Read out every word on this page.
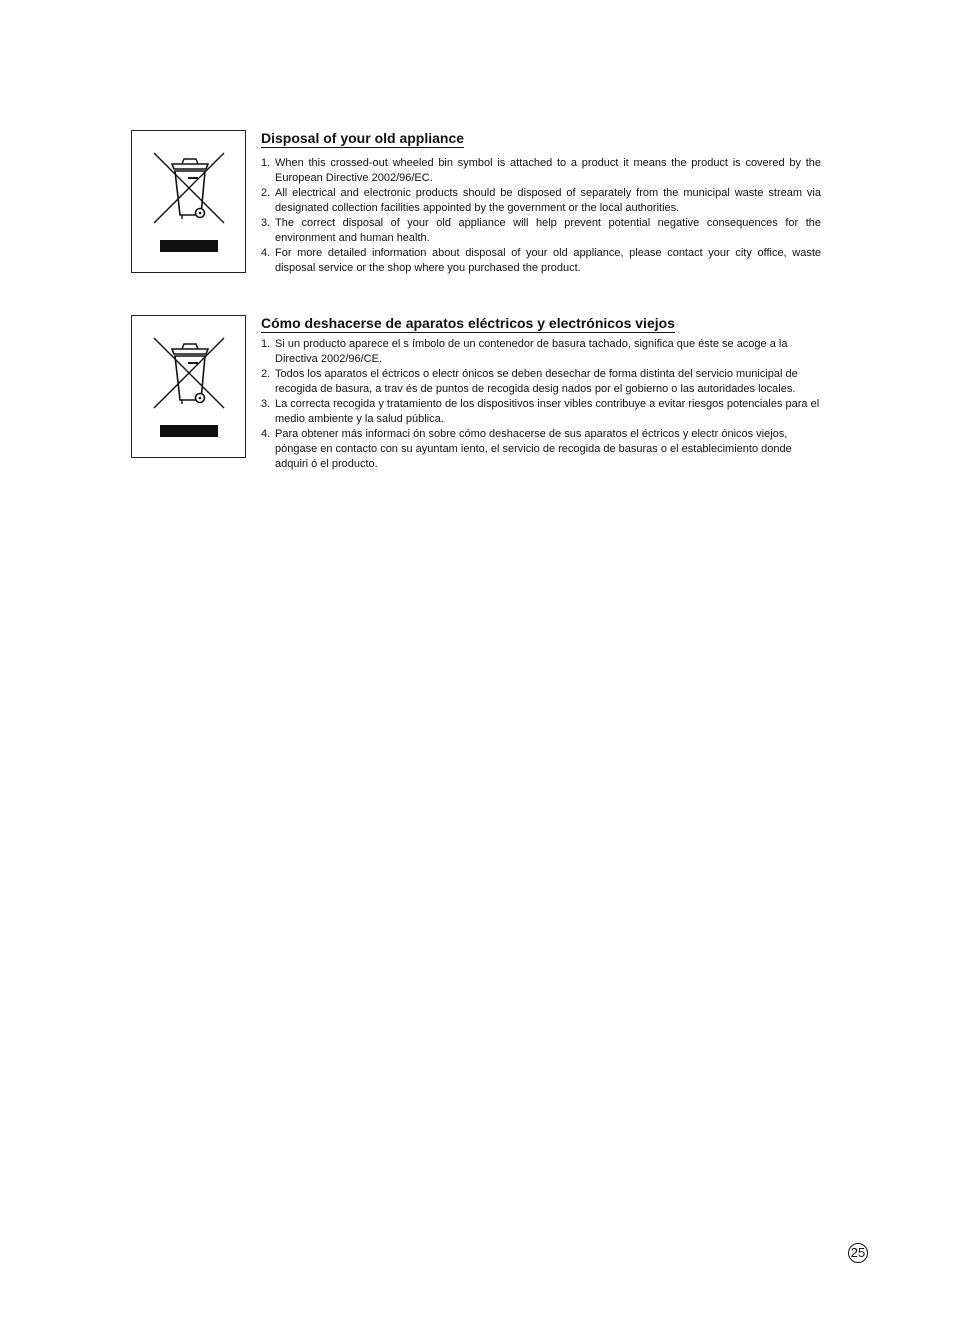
Disposal of your old appliance
1. When this crossed-out wheeled bin symbol is attached to a product it means the product is covered by the European Directive 2002/96/EC.
2. All electrical and electronic products should be disposed of separately from the municipal waste stream via designated collection facilities appointed by the government or the local authorities.
3. The correct disposal of your old appliance will help prevent potential negative consequences for the environment and human health.
4. For more detailed information about disposal of your old appliance, please contact your city office, waste disposal service or the shop where you purchased the product.
Cómo deshacerse de aparatos eléctricos y electrónicos viejos
1. Si un producto aparece el s ímbolo de un contenedor de basura tachado, significa que éste se acoge a la Directiva 2002/96/CE.
2. Todos los aparatos el éctricos o electr ónicos se deben desechar de forma distinta del servicio municipal de recogida de basura, a trav és de puntos de recogida desig nados por el gobierno o las autoridades locales.
3. La correcta recogida y tratamiento de los dispositivos inser vibles contribuye a evitar riesgos potenciales para el medio ambiente y la salud pública.
4. Para obtener más informaci ón sobre cómo deshacerse de sus aparatos el éctricos y electr ónicos viejos, póngase en contacto con su ayuntam iento, el servicio de recogida de basuras o el establecimiento donde adquiri ó el producto.
25
